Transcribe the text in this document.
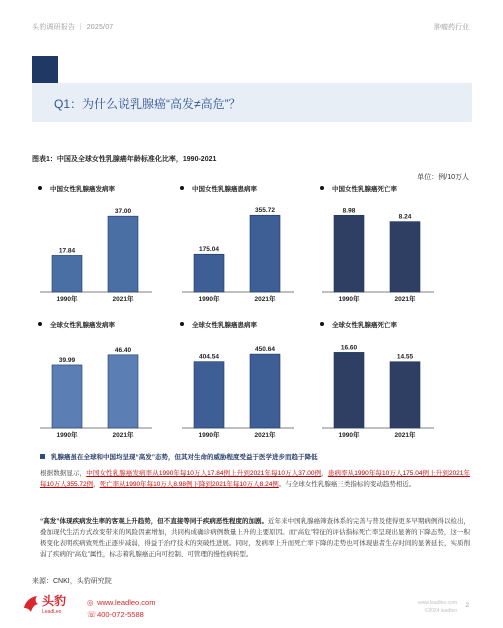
头豹调研报告 ｜ 2025/07	肿瘤药行业
Q1：为什么说乳腺癌“高发≠高危”？
图表1：中国及全球女性乳腺癌年龄标准化比率，1990-2021
单位：例/10万人
中国女性乳腺癌发病率
17.84
1990年
37.00
2021年
中国女性乳腺癌患病率
175.04
1990年
355.72
2021年
中国女性乳腺癌死亡率
8.98
1990年
8.24
2021年
全球女性乳腺癌发病率
39.99
1990年
46.40
2021年
全球女性乳腺癌患病率
404.54
1990年
450.64
2021年
全球女性乳腺癌死亡率
16.60
1990年
14.55
2021年
乳腺癌虽在全球和中国均呈现“高发”态势，但其对生命的威胁程度受益于医学进步而趋于降低
根据数据显示，中国女性乳腺癌发病率从1990年每10万人17.84例上升到2021年每10万人37.00例，患病率从1990年每10万人175.04例上升到2021年每10万人355.72例，死亡率从1990年每10万人8.98例下降到2021年每10万人8.24例。与全球女性乳腺癌三类指标的变动趋势相近。
“高发”体现疾病发生率的客观上升趋势，但不直接等同于疾病恶性程度的加剧。近年来中国乳腺癌筛查体系的完善与普及使得更多早期病例得以检出，叠加现代生活方式改变带来的风险因素增加，共同构成确诊病例数量上升的主要原因。而“高危”特征的评估指标死亡率呈现出显著的下降态势，这一积极变化表明疾病致死性正逐步减弱，得益于治疗技术的突破性进展。同时，发病率上升而死亡率下降的走势也可体现患者生存时间的显著延长，实质削弱了疾病的“高危”属性，标志着乳腺癌正向可控制、可管理的慢性病转型。
来源：CNKI，头豹研究院
头豹
LeadLeo
◎ www.leadleo.com
☏ 400-072-5588
www.leadleo.com
©2024 leadleo
2
